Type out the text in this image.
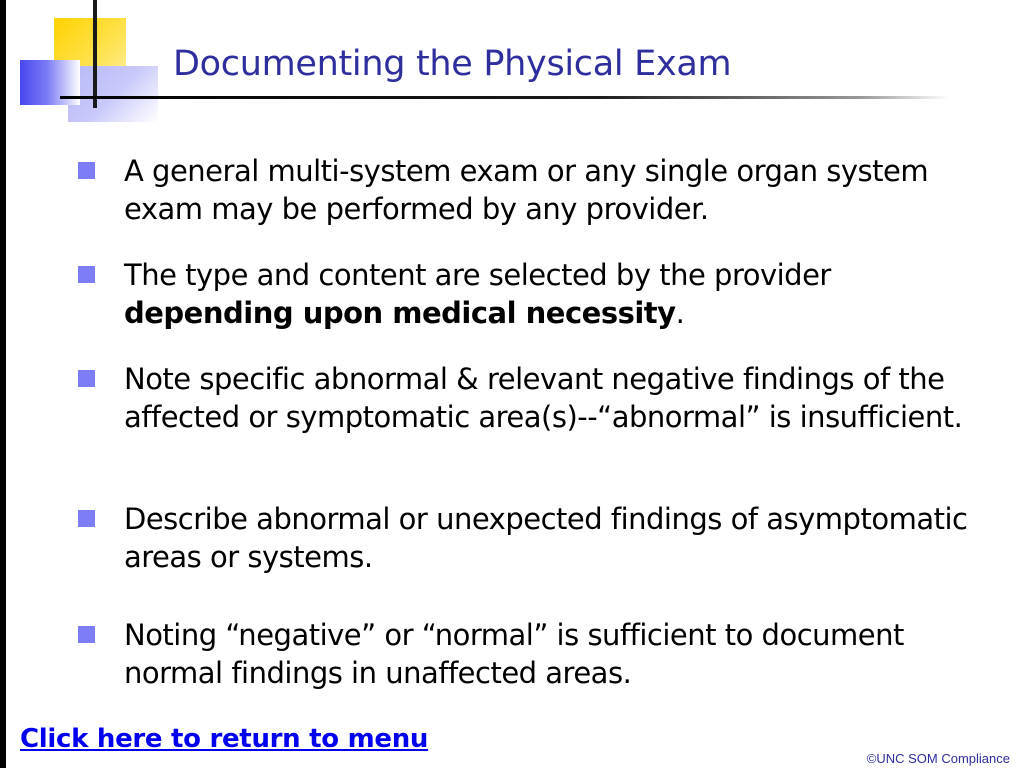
Documenting the Physical Exam
A general multi-system exam or any single organ system exam may be performed by any provider.
The type and content are selected by the provider depending upon medical necessity.
Note specific abnormal & relevant negative findings of the affected or symptomatic area(s)--“abnormal” is insufficient.
Describe abnormal or unexpected findings of asymptomatic areas or systems.
Noting “negative” or “normal” is sufficient to document normal findings in unaffected areas.
Click here to return to menu
©UNC SOM Compliance
